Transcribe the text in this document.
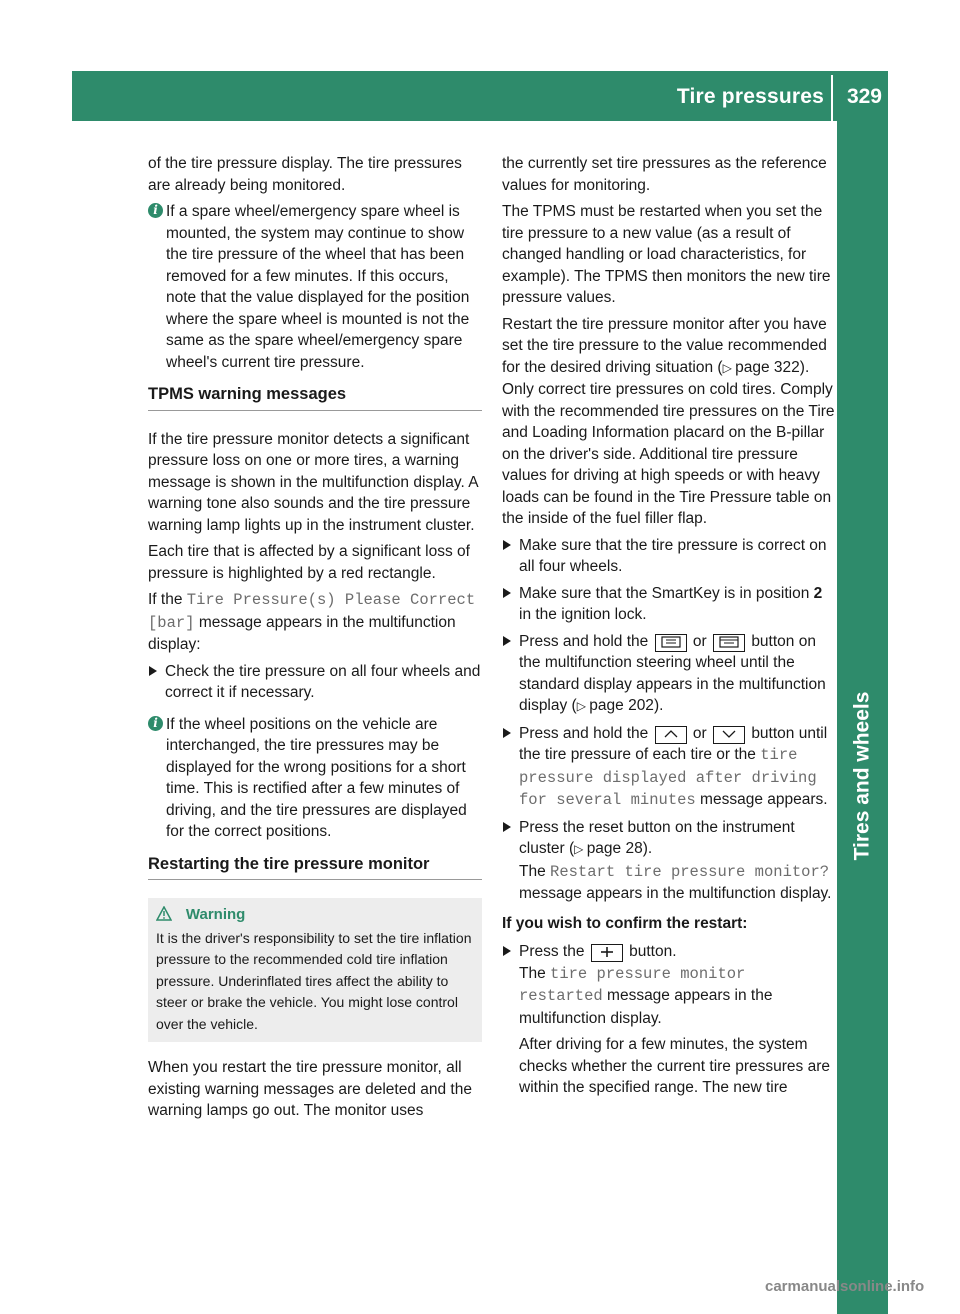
Tire pressures 329
Tires and wheels

of the tire pressure display. The tire pressures are already being monitored.

i If a spare wheel/emergency spare wheel is mounted, the system may continue to show the tire pressure of the wheel that has been removed for a few minutes. If this occurs, note that the value displayed for the position where the spare wheel is mounted is not the same as the spare wheel/emergency spare wheel's current tire pressure.
TPMS warning messages

If the tire pressure monitor detects a significant pressure loss on one or more tires, a warning message is shown in the multifunction display. A warning tone also sounds and the tire pressure warning lamp lights up in the instrument cluster.

Each tire that is affected by a significant loss of pressure is highlighted by a red rectangle.

If the Tire Pressure(s) Please Correct [bar] message appears in the multifunction display:

Check the tire pressure on all four wheels and correct it if necessary.
i If the wheel positions on the vehicle are interchanged, the tire pressures may be displayed for the wrong positions for a short time. This is rectified after a few minutes of driving, and the tire pressures are displayed for the correct positions.
Restarting the tire pressure monitor
Warning
It is the driver's responsibility to set the tire inflation pressure to the recommended cold tire inflation pressure. Underinflated tires affect the ability to steer or brake the vehicle. You might lose control over the vehicle.

When you restart the tire pressure monitor, all existing warning messages are deleted and the warning lamps go out. The monitor uses

the currently set tire pressures as the reference values for monitoring.

The TPMS must be restarted when you set the tire pressure to a new value (as a result of changed handling or load characteristics, for example). The TPMS then monitors the new tire pressure values.

Restart the tire pressure monitor after you have set the tire pressure to the value recommended for the desired driving situation (▷ page 322). Only correct tire pressures on cold tires. Comply with the recommended tire pressures on the Tire and Loading Information placard on the B-pillar on the driver's side. Additional tire pressure values for driving at high speeds or with heavy loads can be found in the Tire Pressure table on the inside of the fuel filler flap.

Make sure that the tire pressure is correct on all four wheels.
Make sure that the SmartKey is in position 2 in the ignition lock.
Press and hold the	or	button on the multifunction steering wheel until the standard display appears in the multifunction display (▷ page 202).
Press and hold the	or	button until the tire pressure of each tire or the tire pressure displayed after driving for several minutes message appears.
Press the reset button on the instrument cluster (▷ page 28).
The Restart tire pressure monitor? message appears in the multifunction display.
If you wish to confirm the restart:
Press the	button.
The tire pressure monitor restarted message appears in the multifunction display.
After driving for a few minutes, the system checks whether the current tire pressures are within the specified range. The new tire
carmanualsonline.info
